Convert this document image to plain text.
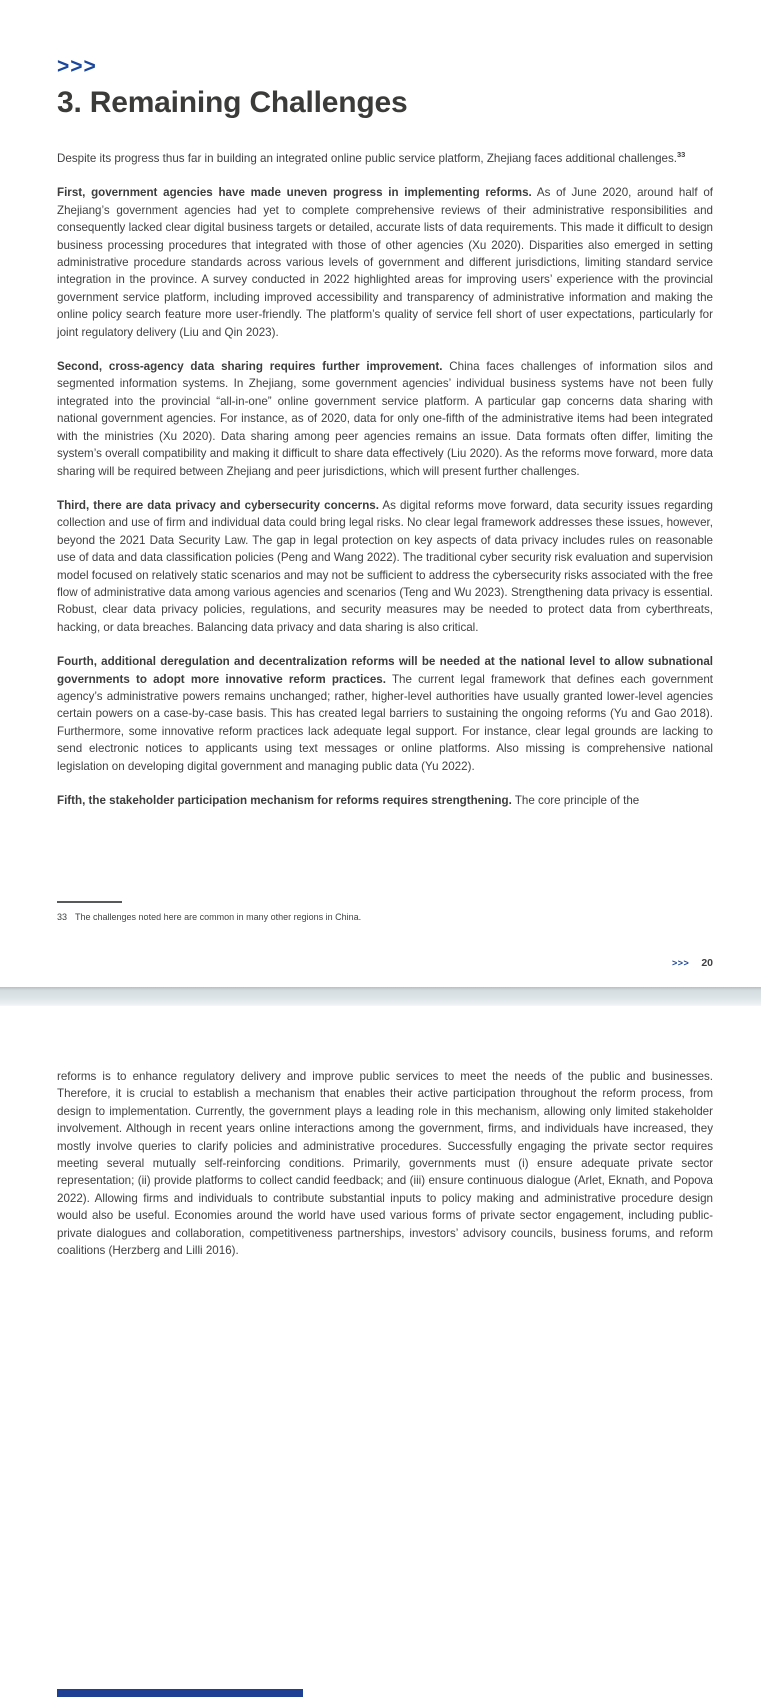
>>>
3. Remaining Challenges

Despite its progress thus far in building an integrated online public service platform, Zhejiang faces additional challenges.$^{33}$

First, government agencies have made uneven progress in implementing reforms. As of June 2020, around half of Zhejiang’s government agencies had yet to complete comprehensive reviews of their administrative responsibilities and consequently lacked clear digital business targets or detailed, accurate lists of data requirements. This made it difficult to design business processing procedures that integrated with those of other agencies (Xu 2020). Disparities also emerged in setting administrative procedure standards across various levels of government and different jurisdictions, limiting standard service integration in the province. A survey conducted in 2022 highlighted areas for improving users’ experience with the provincial government service platform, including improved accessibility and transparency of administrative information and making the online policy search feature more user-friendly. The platform’s quality of service fell short of user expectations, particularly for joint regulatory delivery (Liu and Qin 2023).

Second, cross-agency data sharing requires further improvement. China faces challenges of information silos and segmented information systems. In Zhejiang, some government agencies’ individual business systems have not been fully integrated into the provincial “all-in-one” online government service platform. A particular gap concerns data sharing with national government agencies. For instance, as of 2020, data for only one-fifth of the administrative items had been integrated with the ministries (Xu 2020). Data sharing among peer agencies remains an issue. Data formats often differ, limiting the system’s overall compatibility and making it difficult to share data effectively (Liu 2020). As the reforms move forward, more data sharing will be required between Zhejiang and peer jurisdictions, which will present further challenges.

Third, there are data privacy and cybersecurity concerns. As digital reforms move forward, data security issues regarding collection and use of firm and individual data could bring legal risks. No clear legal framework addresses these issues, however, beyond the 2021 Data Security Law. The gap in legal protection on key aspects of data privacy includes rules on reasonable use of data and data classification policies (Peng and Wang 2022). The traditional cyber security risk evaluation and supervision model focused on relatively static scenarios and may not be sufficient to address the cybersecurity risks associated with the free flow of administrative data among various agencies and scenarios (Teng and Wu 2023). Strengthening data privacy is essential. Robust, clear data privacy policies, regulations, and security measures may be needed to protect data from cyberthreats, hacking, or data breaches. Balancing data privacy and data sharing is also critical.

Fourth, additional deregulation and decentralization reforms will be needed at the national level to allow subnational governments to adopt more innovative reform practices. The current legal framework that defines each government agency’s administrative powers remains unchanged; rather, higher-level authorities have usually granted lower-level agencies certain powers on a case-by-case basis. This has created legal barriers to sustaining the ongoing reforms (Yu and Gao 2018). Furthermore, some innovative reform practices lack adequate legal support. For instance, clear legal grounds are lacking to send electronic notices to applicants using text messages or online platforms. Also missing is comprehensive national legislation on developing digital government and managing public data (Yu 2022).

Fifth, the stakeholder participation mechanism for reforms requires strengthening. The core principle of the

33 The challenges noted here are common in many other regions in China.
>>> 20

reforms is to enhance regulatory delivery and improve public services to meet the needs of the public and businesses. Therefore, it is crucial to establish a mechanism that enables their active participation throughout the reform process, from design to implementation. Currently, the government plays a leading role in this mechanism, allowing only limited stakeholder involvement. Although in recent years online interactions among the government, firms, and individuals have increased, they mostly involve queries to clarify policies and administrative procedures. Successfully engaging the private sector requires meeting several mutually self-reinforcing conditions. Primarily, governments must (i) ensure adequate private sector representation; (ii) provide platforms to collect candid feedback; and (iii) ensure continuous dialogue (Arlet, Eknath, and Popova 2022). Allowing firms and individuals to contribute substantial inputs to policy making and administrative procedure design would also be useful. Economies around the world have used various forms of private sector engagement, including public-private dialogues and collaboration, competitiveness partnerships, investors’ advisory councils, business forums, and reform coalitions (Herzberg and Lilli 2016).
